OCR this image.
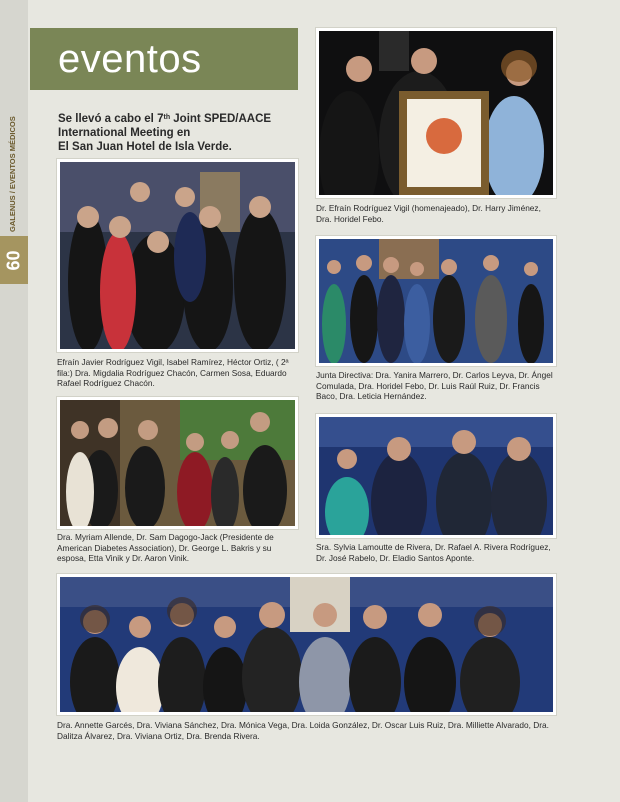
60
eventos
Se llevó a cabo el 7th Joint SPED/AACE
International Meeting en
El San Juan Hotel de Isla Verde.
Efraín Javier Rodríguez Vigil, Isabel Ramírez, Héctor Ortiz, ( 2ª fila:) Dra. Migdalia Rodríguez Chacón, Carmen Sosa, Eduardo Rafael Rodríguez Chacón.
Dra. Myriam Allende, Dr. Sam Dagogo-Jack (Presidente de American Diabetes Association), Dr. George L. Bakris y su esposa, Etta Vinik y Dr. Aaron Vinik.
Dr. Efraín Rodríguez Vigil (homenajeado), Dr. Harry Jiménez, Dra. Horidel Febo.
Junta Directiva: Dra. Yanira Marrero, Dr. Carlos Leyva, Dr. Ángel Comulada, Dra. Horidel Febo, Dr. Luis Raúl Ruiz, Dr. Francis Baco, Dra. Leticia Hernández.
Sra. Sylvia Lamoutte de Rivera, Dr. Rafael A. Rivera Rodríguez, Dr. José Rabelo, Dr. Eladio Santos Aponte.
Dra. Annette Garcés, Dra. Viviana Sánchez, Dra. Mónica Vega, Dra. Loida González, Dr. Oscar Luis Ruiz, Dra. Milliette Alvarado, Dra. Dalitza Álvarez, Dra. Viviana Ortiz, Dra. Brenda Rivera.
